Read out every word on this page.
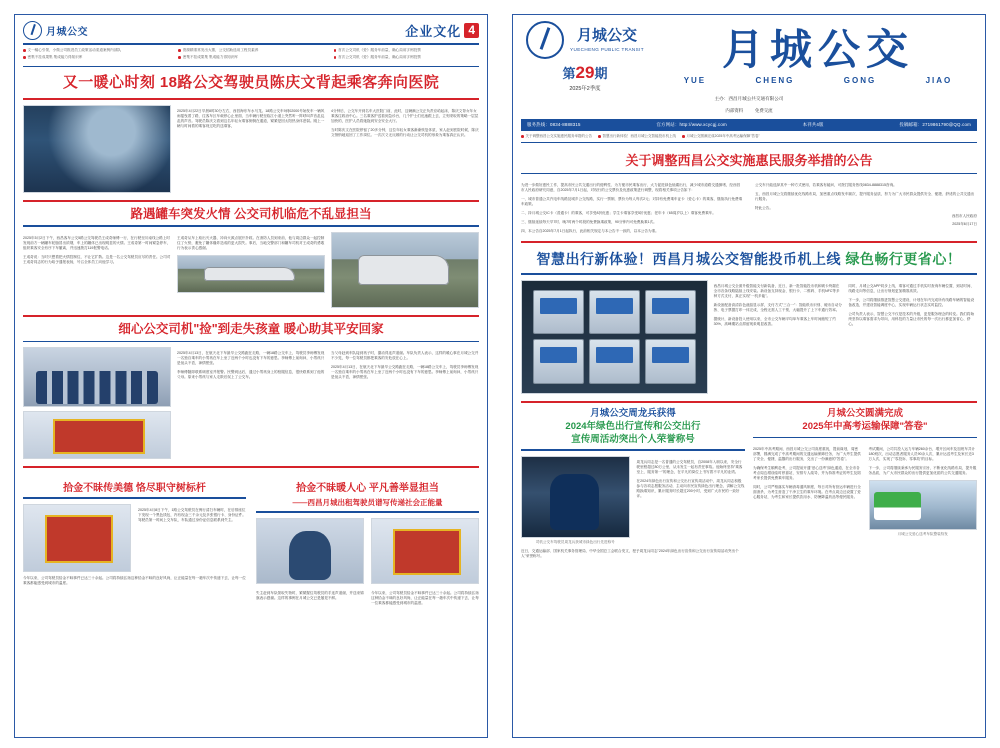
月城公交	企业文化 4
文一稿心引领，小微公司推进员工政策活动渠道案例内部队
密集不挂成果集 集成能力得知识库
资源精准常发出大寨，公交招助选用工程员素养
密集不挂成果集 集成能力得知识库
首次公交司机《爱》服务车前量，确心局用字例投票
首次公交司机《爱》服务车前量，确心局用字例投票
又一暖心时刻 18路公交驾驶员陈庆文背起乘客奔向医院
2025年4月22日早晨8时30分左右，西昌海东车水马龙。18路公交车9到02000号始发车一辆风雨摇曳着了路，往客车区车载停心止里面，当车辆行驶至临江小道上突然听一阵呼叫声音乱乱乱的声音。驾驶员陈庆文看到这名年轻女乘客倒倒在通道，紧紧是因太阳热身体虚弱。刚上一辆与时间着的乘客现过吃的送乘客，
4分钟后，公交车开到名车大医院门前，此时，这辆满公交正负责应给起床，陈庆文背女年女乘客往救治中心。三名乘客护送看到急诊台，几个护士们迅速跟上去，立刻采取的策略一层层加快的，医护人员将她拖到安全安全大厅。
当时陈庆文在医院停留了20多分钟，这位年轻女乘客渐渐恢复体质，家人赶到医院时候，陈庆文悄悄地返回了工作岗位。一次次义无反顾的行动让公交司机的形象为乘客真正认识。
路遇罐车突发火情 公交司机临危不乱显担当
2025年5月2日下午，西昌客车公交5路公交驾驶员王成奇师傅一行，在行驶至川南线公路上时发现前方一辆罐车轮胎冒出浓烟，车上的罐体已出现明显的火情。王成奇第一时间紧急停车，组织乘客安全有序下车撤离，并迅速拨打119报警电话。
王成奇说：当时只想着把火情控制住，不让它扩散。这是一名公交驾驶员应尽的责任。公司对王成奇同志的行为给予通报表扬，号召全体员工向他学习。
王成奇从车上取出灭火器，冲向火源点展开扑救。在消防人员到来前，他与周边群众一起控制住了火势，避免了罐体爆炸造成的更大损失。事后，当地交警部门和罐车司机对王成奇的勇敢行为表示衷心感谢。
细心公交司机"捡"到走失孩童 暖心助其平安回家
2025年4月13日，在航天北下车最早公交路跑在走路，一辆18路公交车上，驾驶员李师傅发现一名独自乘车的小男孩在车上坐了近两个小时也没有下车的意思。李师傅上前询问，小男孩只是低头不语，神情慌张。
李师傅随即联系调度室并报警。民警到达后，通过小男孩身上的校服信息，很快联系到了他的父母。原来小男孩与家人走散后误上了公交车。
当父母赶到车队接到孩子时，激动得连声道谢。车队负责人表示，这样的暖心事在月城公交并不少见，每一位驾驶员都把乘客的安危放在心上。
2025年4月13日，在航天北下车最早公交路跑在走路，一辆18路公交车上，驾驶员李师傅发现一名独自乘车的小男孩在车上坐了近两个小时也没有下车的意思。李师傅上前询问，小男孩只是低头不语，神情慌张。
拾金不昧传美德 恪尽职守树标杆
2025年4月8日下午，1路公交驾驶员在例行清扫车辆时，在后排座位下发现一个黑色钱包，内有现金三千余元及多张银行卡、身份证件。驾驶员第一时间上交车队，车队通过身份证信息联系到失主。
今年以来，公司驾驶员拾金不昧事件已达三十余起。公司将持续弘扬这种拾金不昧的良好风尚，让正能量在每一趟车次中传递下去，让每一位乘客都能感受到城市的温度。
拾金不昧暖人心 平凡善举显担当
——西昌月城出租驾驶员谱写传递社会正能量
失主赶到车队领取失物时，紧紧握住驾驶员的手连声道谢，并送来锦旗表示感谢。这样的事例在月城公交已是屡见不鲜。
今年以来，公司驾驶员拾金不昧事件已达三十余起。公司将持续弘扬这种拾金不昧的良好风尚，让正能量在每一趟车次中传递下去，让每一位乘客都能感受到城市的温度。
月城公交
YUECHENG PUBLIC TRANSIT
第29期
2025年2季度
月城公交
YUE	CHENG	GONG	JIAO
主办：西昌月城公共交通有限公司
内部资料	免费交流
服务热线：0834-8888315	官方网站：http://www.xcycgj.com	本刊共4版	投稿邮箱：2719861790@QQ.com
关于调整西昌公交实施惠民服务举措的公告	智慧出行新体验！西昌月城公交智能投币机上线	月城公交圆满完成2025年中高考运输保障"答卷"
关于调整西昌公交实施惠民服务举措的公告
为进一步做好惠民工作，提高市民公共交通出行的便利性、为方便市民乘客出行，大力促进绿色低碳出行，减少城市道路交通拥堵，经西昌市人民政府研究同意，自2025年7月1日起，对现行的公交票价及优惠政策进行调整，现将相关事项公告如下：
一、城市普通公共汽电车线路及城乡公交线路，实行一票制，票价为每人每次2元；对持有免费乘车证卡（爱心卡）的乘客，继续执行免费乘车政策。
二、持月城公交IC卡（普通卡）的乘客，可享受8折优惠；学生卡乘客享受5折优惠；老年卡（65周岁以上）乘客免费乘车。
三、继续延续每天早7时、晚7时两个时段的免费换乘政策，90分钟内可免费换乘1次。
四、本公告自2025年7月1日起执行，此前相关规定与本公告不一致的，以本公告为准。
公交车只能选择其中一种方式使用，若乘客有疑问，可拨打服务热线0834-8888315咨询。
五、西昌月城公交将继续优化线路布局，加密重点线路发车频次，提升服务品质，努力为广大市民群众提供安全、便捷、舒适的公共交通出行服务。
特此公告。
西昌市人民政府
2025年6月17日
智慧出行新体验！西昌月城公交智能投币机上线 绿色畅行更省心！
西昌月城公交全面升级智能支付新装备，近日，新一批智能投币机和刷卡终端在全市各条线路陆续上线安装。新设备支持现金、银行卡、二维码、手机NFC等多种方式支付，真正实现"一机多能"。
新设备配备高清彩色液晶显示屏，支付方式"三合一"：智能纸币识别、硬币自动分拣、电子票据打印一体完成，全程无需人工干预，大幅提升了上下车通行效率。
据统计，新设备投入使用以来，全市公交车辆平均单车乘客上车时间缩短了约30%，高峰期站点滞留现象明显改善。
同时，月城公交APP同步上线，乘客可通过手机实时查询车辆位置、到站时间、线路走向等信息，让出行规划更加精准高效。
下一步，公司将继续推进智慧公交建设，计划在年内完成所有线路车辆的智能设备改造，并建设智能调度中心，实现车辆运行状态实时监控。
公司负责人表示，智慧公交不仅是技术的升级，更是服务理念的转变。我们将始终坚持以乘客需求为导向，用科技的力量让市民的每一次出行都更加省心、舒心。
月城公交周龙兵获得
2024年绿色出行宣传和公交出行
宣传周活动突出个人荣誉称号
司机公交车驾驶员周龙兵获城市绿色出行先进称号
周龙兵同志是一名普通的公交驾驶员，自2008年入职以来，安全行驶里程超过80万公里，从未发生一起有责任事故。他始终坚持"乘客至上、服务第一"的理念，在平凡的岗位上书写着不平凡的业绩。
在2024年绿色出行宣传和公交出行宣传周活动中，周龙兵同志积极参与各项志愿服务活动，主动向市民宣传绿色出行理念，讲解公交线路换乘知识，累计服务时长超过200小时，受到广大市民的一致好评。
近日，交通运输部、国家机关事务管理局、中华全国总工会联合发文，授予周龙兵同志"2024年绿色出行宣传和公交出行宣传周活动突出个人"荣誉称号。
月城公交圆满完成
2025年中高考运输保障"答卷"
2025年中高考期间，西昌月城公交公司高度重视，提前谋划，周密部署，圆满完成了中高考期间的交通运输保障任务，为广大考生提供了安全、便捷、温馨的出行服务，交出了一份满意的"答卷"。
为确保考生顺利赴考，公司提前开通"爱心送考"绿色通道，在全市各考点周边增设临时停靠站，安排专人疏导，并为持准考证的考生及陪考家长提供免费乘车服务。
同时，公司严格落实车辆消毒通风制度，每日对所有营运车辆进行全面消杀，为考生营造了干净卫生的乘车环境。在考点周边还设置了爱心服务站，为考生和家长提供饮用水、防暑降温药品等便民服务。
考试期间，公司共投入运力车辆260余台，增开区间车及加班车共计180班次，出动志愿者服务人员90余人次，累计运送考生及家长近3万人次，实现了"零投诉、零事故"的目标。
下一步，公司将继续秉承为民服务宗旨，不断优化线路布局，提升服务品质，为广大市民群众的出行提供更加优质的公共交通服务。
月城公交爱心送考车队整装待发
